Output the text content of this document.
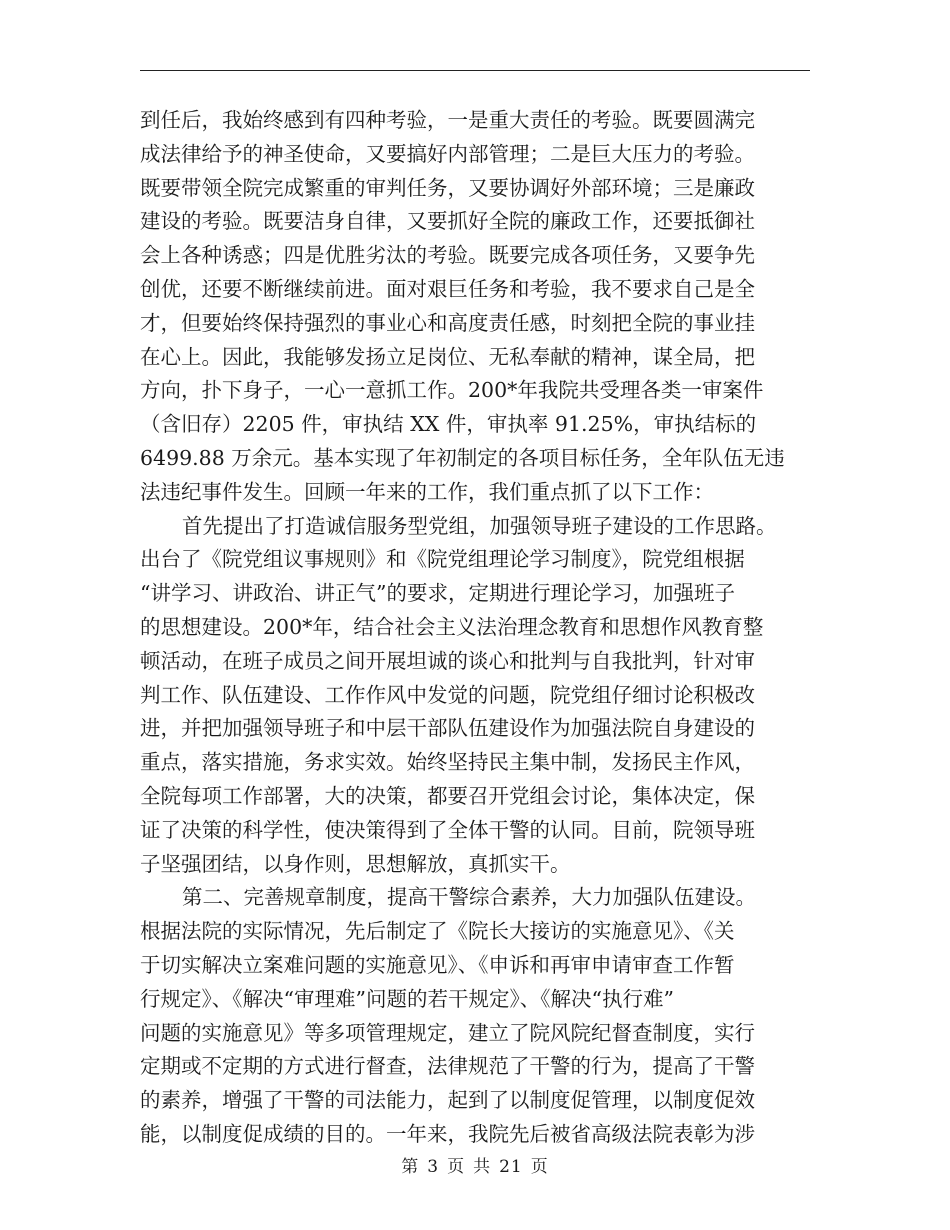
到任后，我始终感到有四种考验，一是重大责任的考验。既要圆满完
成法律给予的神圣使命，又要搞好内部管理；二是巨大压力的考验。
既要带领全院完成繁重的审判任务，又要协调好外部环境；三是廉政
建设的考验。既要洁身自律，又要抓好全院的廉政工作，还要抵御社
会上各种诱惑；四是优胜劣汰的考验。既要完成各项任务，又要争先
创优，还要不断继续前进。面对艰巨任务和考验，我不要求自己是全
才，但要始终保持强烈的事业心和高度责任感，时刻把全院的事业挂
在心上。因此，我能够发扬立足岗位、无私奉献的精神，谋全局，把
方向，扑下身子，一心一意抓工作。200*年我院共受理各类一审案件
（含旧存）2205 件，审执结 XX 件，审执率 91.25%，审执结标的
6499.88 万余元。基本实现了年初制定的各项目标任务，全年队伍无违
法违纪事件发生。回顾一年来的工作，我们重点抓了以下工作：
首先提出了打造诚信服务型党组，加强领导班子建设的工作思路。
出台了《院党组议事规则》和《院党组理论学习制度》，院党组根据
“讲学习、讲政治、讲正气”的要求，定期进行理论学习，加强班子
的思想建设。200*年，结合社会主义法治理念教育和思想作风教育整
顿活动，在班子成员之间开展坦诚的谈心和批判与自我批判，针对审
判工作、队伍建设、工作作风中发觉的问题，院党组仔细讨论积极改
进，并把加强领导班子和中层干部队伍建设作为加强法院自身建设的
重点，落实措施，务求实效。始终坚持民主集中制，发扬民主作风，
全院每项工作部署，大的决策，都要召开党组会讨论，集体决定，保
证了决策的科学性，使决策得到了全体干警的认同。目前，院领导班
子坚强团结，以身作则，思想解放，真抓实干。
第二、完善规章制度，提高干警综合素养，大力加强队伍建设。
根据法院的实际情况，先后制定了《院长大接访的实施意见》、《关
于切实解决立案难问题的实施意见》、《申诉和再审申请审查工作暂
行规定》、《解决“审理难”问题的若干规定》、《解决“执行难”
问题的实施意见》等多项管理规定，建立了院风院纪督查制度，实行
定期或不定期的方式进行督查，法律规范了干警的行为，提高了干警
的素养，增强了干警的司法能力，起到了以制度促管理，以制度促效
能，以制度促成绩的目的。一年来，我院先后被省高级法院表彰为涉
第 3 页 共 21 页
